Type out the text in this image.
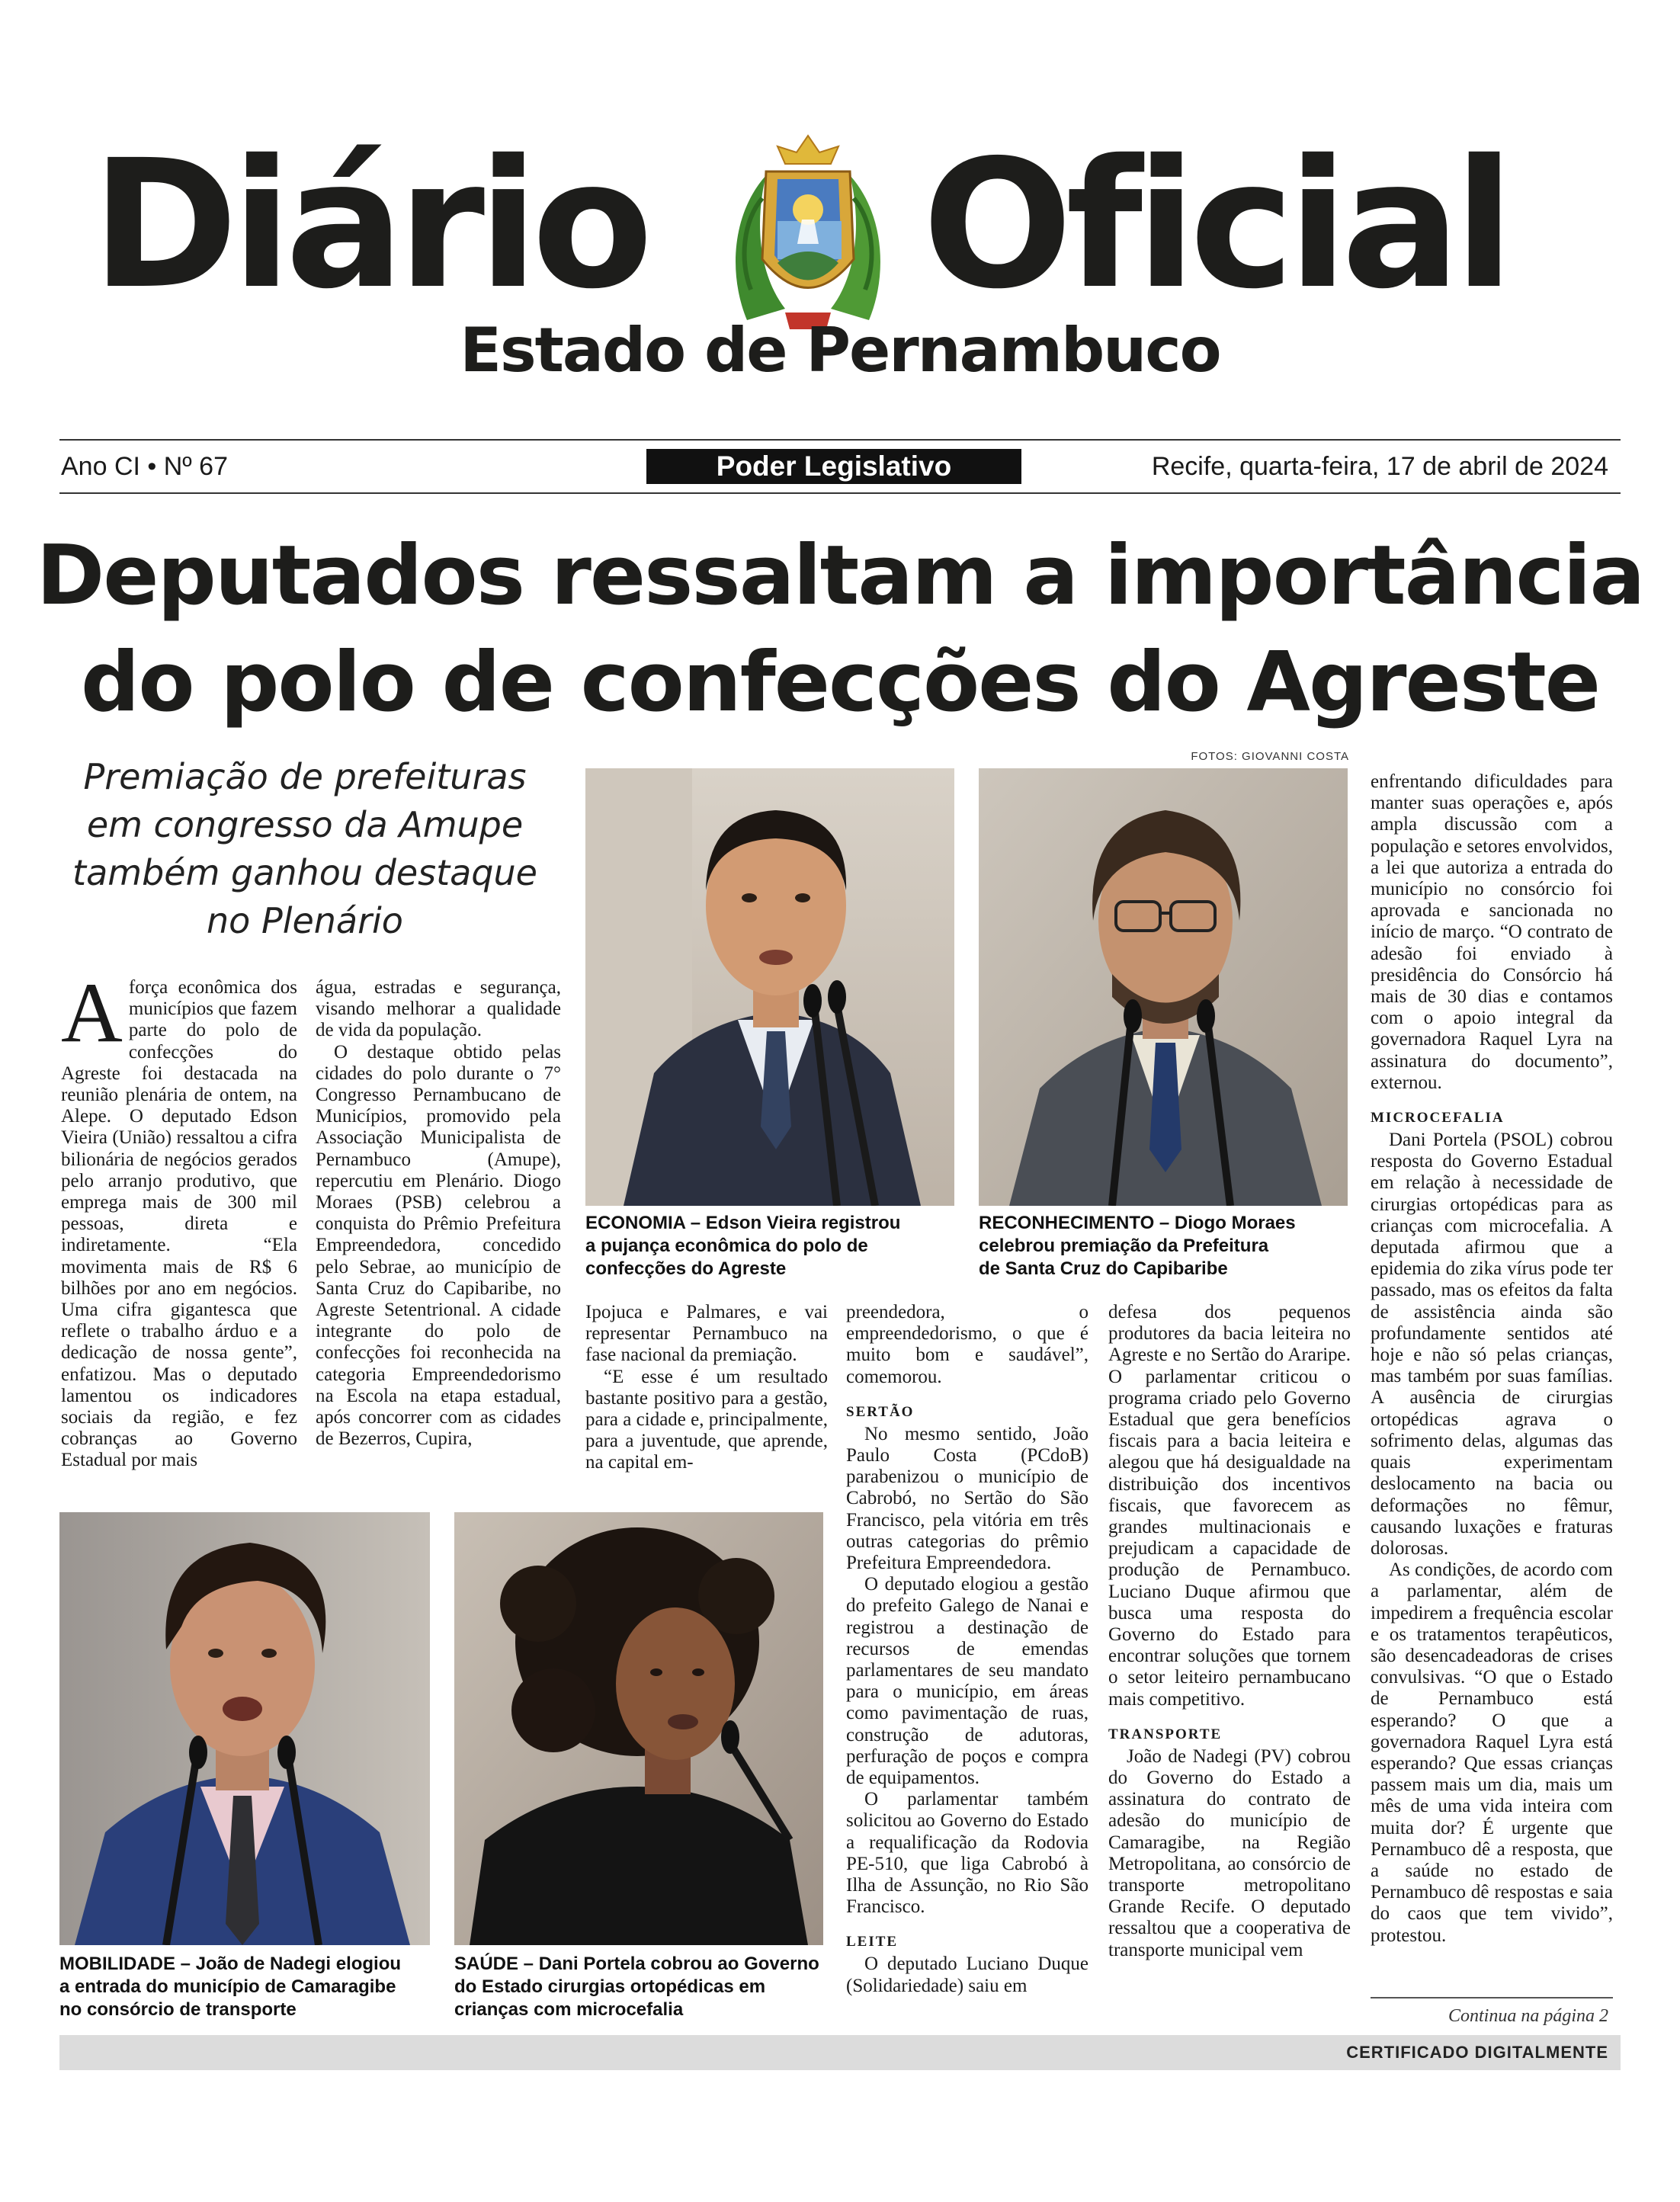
Diário Oficial
Estado de Pernambuco
Ano CI • Nº 67	Poder Legislativo	Recife, quarta-feira, 17 de abril de 2024
Deputados ressaltam a importância
do polo de confecções do Agreste
Premiação de prefeituras
em congresso da Amupe
também ganhou destaque
no Plenário
FOTOS: GIOVANNI COSTA
ECONOMIA – Edson Vieira registrou
a pujança econômica do polo de
confecções do Agreste
RECONHECIMENTO – Diogo Moraes
celebrou premiação da Prefeitura
de Santa Cruz do Capibaribe
A força econômica dos municípios que fazem parte do polo de confecções do Agreste foi destacada na reunião plenária de ontem, na Alepe. O deputado Edson Vieira (União) ressaltou a cifra bilionária de negócios gerados pelo arranjo produtivo, que emprega mais de 300 mil pessoas, direta e indiretamente. “Ela movimenta mais de R$ 6 bilhões por ano em negócios. Uma cifra gigantesca que reflete o trabalho árduo e a dedicação de nossa gente”, enfatizou. Mas o deputado lamentou os indicadores sociais da região, e fez cobranças ao Governo Estadual por mais

água, estradas e segurança, visando melhorar a qualidade de vida da população.

O destaque obtido pelas cidades do polo durante o 7° Congresso Pernambucano de Municípios, promovido pela Associação Municipalista de Pernambuco (Amupe), repercutiu em Plenário. Diogo Moraes (PSB) celebrou a conquista do Prêmio Prefeitura Empreendedora, concedido pelo Sebrae, ao município de Santa Cruz do Capibaribe, no Agreste Setentrional. A cidade integrante do polo de confecções foi reconhecida na categoria Empreendedorismo na Escola na etapa estadual, após concorrer com as cidades de Bezerros, Cupira,

Ipojuca e Palmares, e vai representar Pernambuco na fase nacional da premiação.

“E esse é um resultado bastante positivo para a gestão, para a cidade e, principalmente, para a juventude, que aprende, na capital em-

preendedora, o empreendedorismo, o que é muito bom e saudável”, comemorou.

SERTÃO

No mesmo sentido, João Paulo Costa (PCdoB) parabenizou o município de Cabrobó, no Sertão do São Francisco, pela vitória em três outras categorias do prêmio Prefeitura Empreendedora.

O deputado elogiou a gestão do prefeito Galego de Nanai e registrou a destinação de recursos de emendas parlamentares de seu mandato para o município, em áreas como pavimentação de ruas, construção de adutoras, perfuração de poços e compra de equipamentos.

O parlamentar também solicitou ao Governo do Estado a requalificação da Rodovia PE-510, que liga Cabrobó à Ilha de Assunção, no Rio São Francisco.

LEITE

O deputado Luciano Duque (Solidariedade) saiu em

defesa dos pequenos produtores da bacia leiteira no Agreste e no Sertão do Araripe. O parlamentar criticou o programa criado pelo Governo Estadual que gera benefícios fiscais para a bacia leiteira e alegou que há desigualdade na distribuição dos incentivos fiscais, que favorecem as grandes multinacionais e prejudicam a capacidade de produção de Pernambuco. Luciano Duque afirmou que busca uma resposta do Governo do Estado para encontrar soluções que tornem o setor leiteiro pernambucano mais competitivo.

TRANSPORTE

João de Nadegi (PV) cobrou do Governo do Estado a assinatura do contrato de adesão do município de Camaragibe, na Região Metropolitana, ao consórcio de transporte metropolitano Grande Recife. O deputado ressaltou que a cooperativa de transporte municipal vem

enfrentando dificuldades para manter suas operações e, após ampla discussão com a população e setores envolvidos, a lei que autoriza a entrada do município no consórcio foi aprovada e sancionada no início de março. “O contrato de adesão foi enviado à presidência do Consórcio há mais de 30 dias e contamos com o apoio integral da governadora Raquel Lyra na assinatura do documento”, externou.

MICROCEFALIA

Dani Portela (PSOL) cobrou resposta do Governo Estadual em relação à necessidade de cirurgias ortopédicas para as crianças com microcefalia. A deputada afirmou que a epidemia do zika vírus pode ter passado, mas os efeitos da falta de assistência ainda são profundamente sentidos até hoje e não só pelas crianças, mas também por suas famílias. A ausência de cirurgias ortopédicas agrava o sofrimento delas, algumas das quais experimentam deslocamento na bacia ou deformações no fêmur, causando luxações e fraturas dolorosas.

As condições, de acordo com a parlamentar, além de impedirem a frequência escolar e os tratamentos terapêuticos, são desencadeadoras de crises convulsivas. “O que o Estado de Pernambuco está esperando? O que a governadora Raquel Lyra está esperando? Que essas crianças passem mais um dia, mais um mês de uma vida inteira com muita dor? É urgente que Pernambuco dê a resposta, que a saúde no estado de Pernambuco dê respostas e saia do caos que tem vivido”, protestou.

MOBILIDADE – João de Nadegi elogiou
a entrada do município de Camaragibe
no consórcio de transporte
SAÚDE – Dani Portela cobrou ao Governo
do Estado cirurgias ortopédicas em
crianças com microcefalia	Continua na página 2
CERTIFICADO DIGITALMENTE
